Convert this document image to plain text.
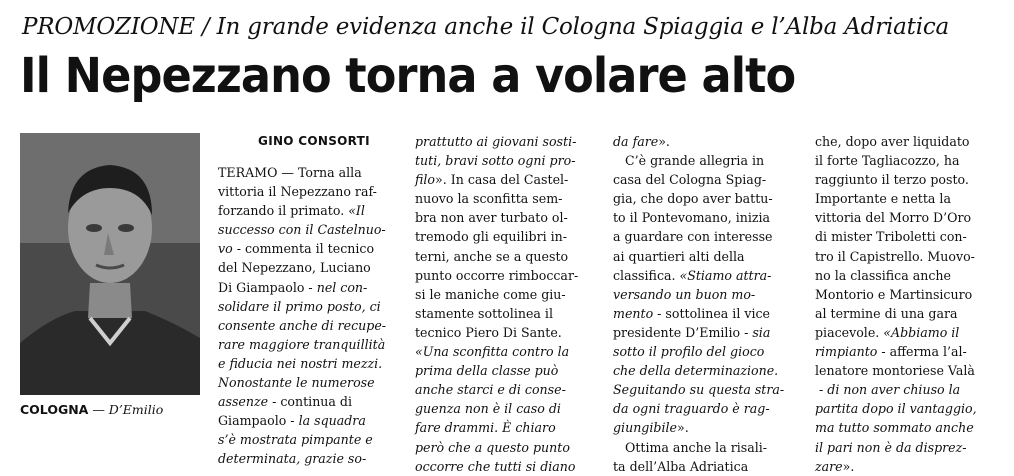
PROMOZIONE / In grande evidenza anche il Cologna Spiaggia e l’Alba Adriatica
Il Nepezzano torna a volare alto
COLOGNA — D’Emilio
GINO CONSORTI
TERAMO — Torna alla
vittoria il Nepezzano raf-
forzando il primato. «Il
successo con il Castelnuo-
vo - commenta il tecnico
del Nepezzano, Luciano
Di Giampaolo - nel con-
solidare il primo posto, ci
consente anche di recupe-
rare maggiore tranquillità
e fiducia nei nostri mezzi.
Nonostante le numerose
assenze - continua di
Giampaolo - la squadra
s’è mostrata pimpante e
determinata, grazie so-
prattutto ai giovani sosti-
tuti, bravi sotto ogni pro-
filo». In casa del Castel-
nuovo la sconfitta sem-
bra non aver turbato ol-
tremodo gli equilibri in-
terni, anche se a questo
punto occorre rimboccar-
si le maniche come giu-
stamente sottolinea il
tecnico Piero Di Sante.
«Una sconfitta contro la
prima della classe può
anche starci e di conse-
guenza non è il caso di
fare drammi. È chiaro
però che a questo punto
occorre che tutti si diano
da fare».
C’è grande allegria in
casa del Cologna Spiag-
gia, che dopo aver battu-
to il Pontevomano, inizia
a guardare con interesse
ai quartieri alti della
classifica. «Stiamo attra-
versando un buon mo-
mento - sottolinea il vice
presidente D’Emilio - sia
sotto il profilo del gioco
che della determinazione.
Seguitando su questa stra-
da ogni traguardo è rag-
giungibile».
Ottima anche la risali-
ta dell’Alba Adriatica
che, dopo aver liquidato
il forte Tagliacozzo, ha
raggiunto il terzo posto.
Importante e netta la
vittoria del Morro D’Oro
di mister Triboletti con-
tro il Capistrello. Muovo-
no la classifica anche
Montorio e Martinsicuro
al termine di una gara
piacevole. «Abbiamo il
rimpianto - afferma l’al-
lenatore montoriese Valà
- di non aver chiuso la
partita dopo il vantaggio,
ma tutto sommato anche
il pari non è da disprez-
zare».
